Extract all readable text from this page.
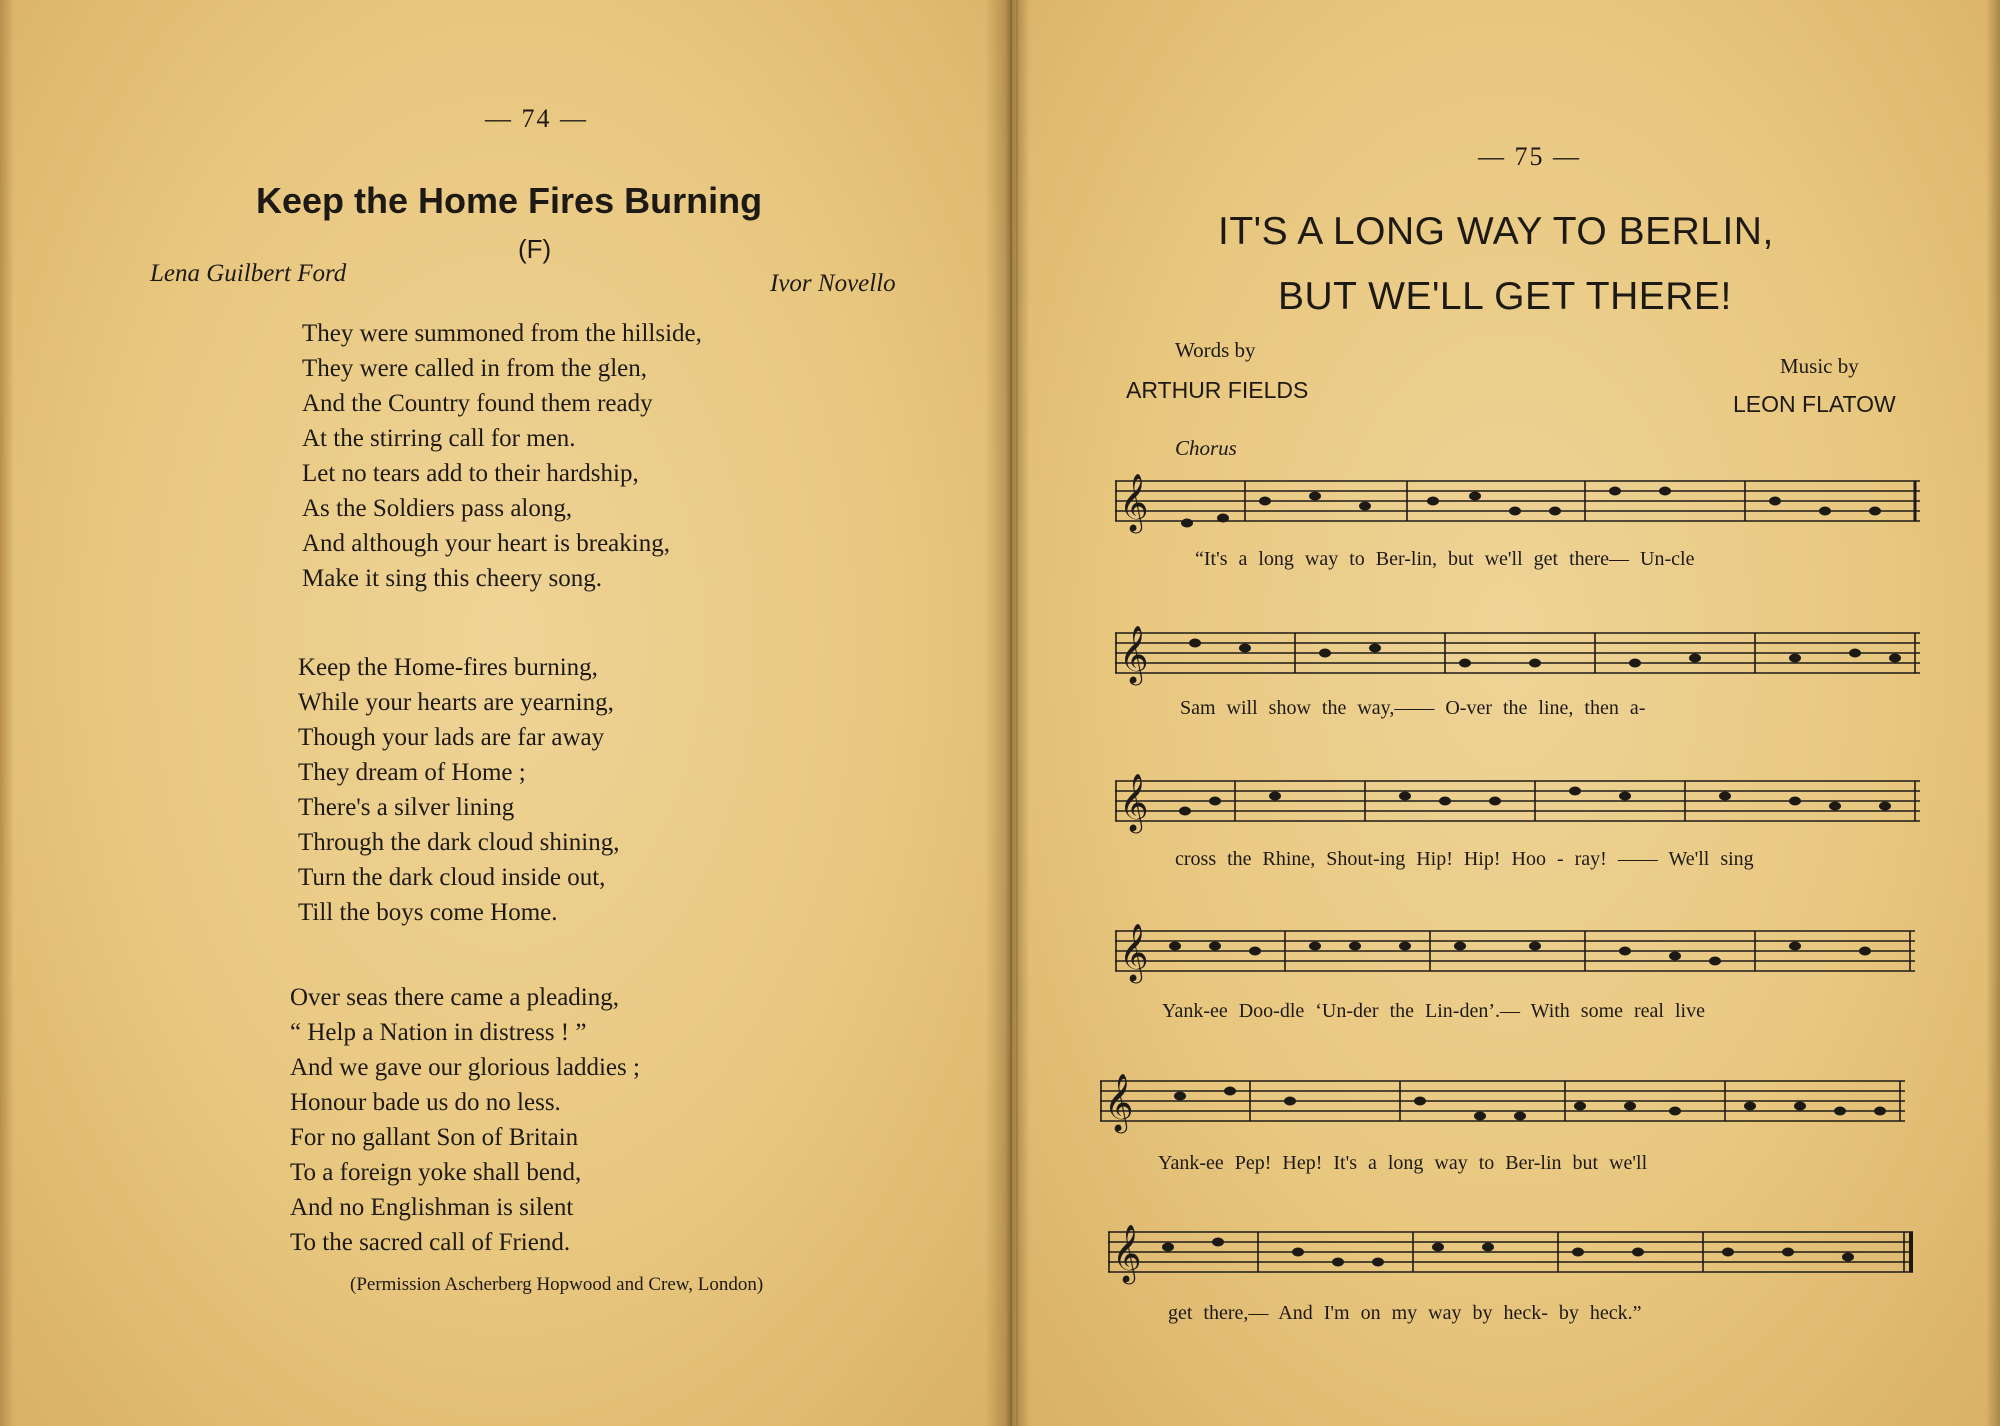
— 74 —
Keep the Home Fires Burning
(F)
Lena Guilbert Ford	Ivor Novello
They were summoned from the hillside,
They were called in from the glen,
And the Country found them ready
At the stirring call for men.
Let no tears add to their hardship,
As the Soldiers pass along,
And although your heart is breaking,
Make it sing this cheery song.
Keep the Home-fires burning,
While your hearts are yearning,
Though your lads are far away
They dream of Home ;
There's a silver lining
Through the dark cloud shining,
Turn the dark cloud inside out,
Till the boys come Home.
Over seas there came a pleading,
“ Help a Nation in distress ! ”
And we gave our glorious laddies ;
Honour bade us do no less.
For no gallant Son of Britain
To a foreign yoke shall bend,
And no Englishman is silent
To the sacred call of Friend.
(Permission Ascherberg Hopwood and Crew, London)
— 75 —
IT'S A LONG WAY TO BERLIN,
BUT WE'LL GET THERE!
Words by
ARTHUR FIELDS
Music by
LEON FLATOW
Chorus
𝄞
“It's a long way to Ber-lin, but we'll get there— Un-cle
𝄞
Sam will show the way,—— O-ver the line, then a-
𝄞
cross the Rhine, Shout-ing Hip! Hip! Hoo - ray! —— We'll sing
𝄞
Yank-ee Doo-dle ‘Un-der the Lin-den’.— With some real live
𝄞
Yank-ee Pep! Hep! It's a long way to Ber-lin but we'll
𝄞
get there,— And I'm on my way by heck- by heck.”
